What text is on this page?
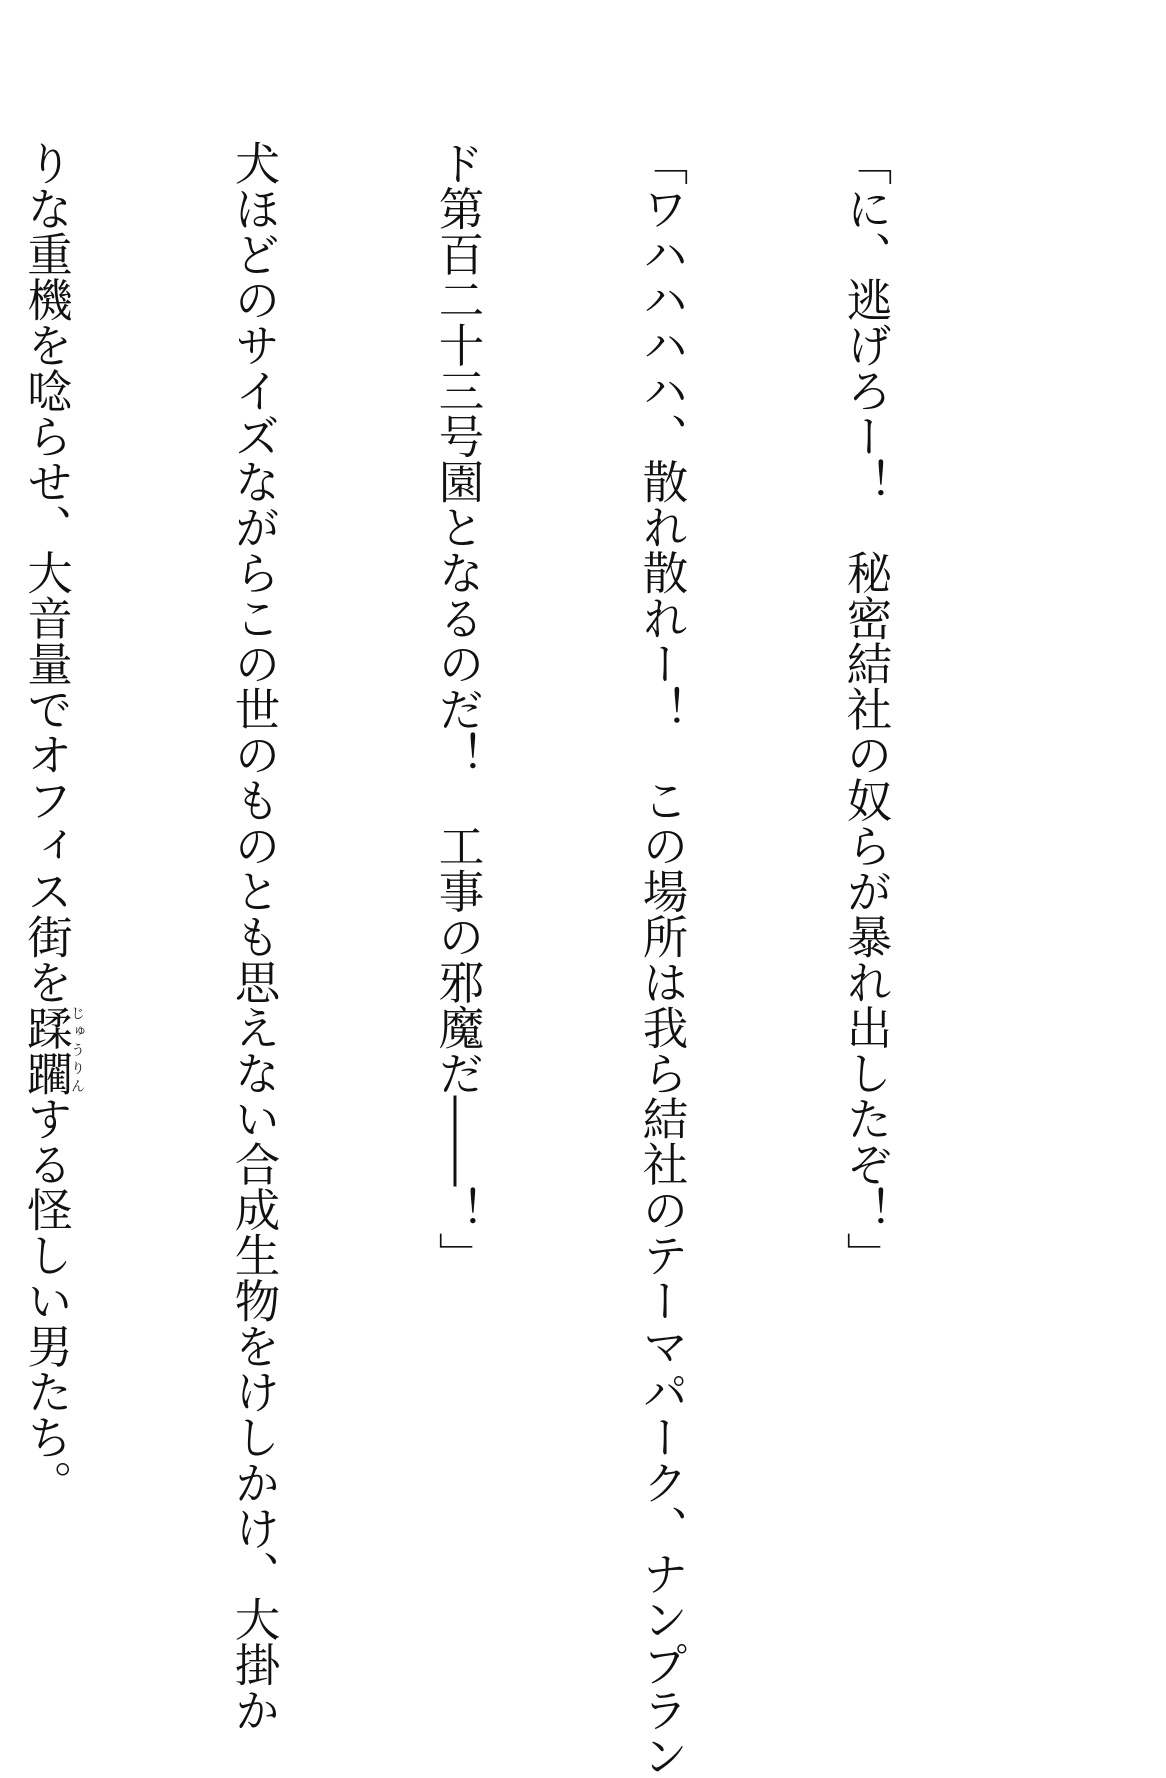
「に、逃げろー！　秘密結社の奴らが暴れ出したぞ！」

「ワハハハハ、散れ散れー！　この場所は我ら結社のテーマパーク、ナンプラン

ド第百二十三号園となるのだ！　工事の邪魔だ――！」

犬ほどのサイズながらこの世のものとも思えない合成生物をけしかけ、大掛か

りな重機を唸らせ、大音量でオフィス街を蹂躙じゅうりんする怪しい男たち。
